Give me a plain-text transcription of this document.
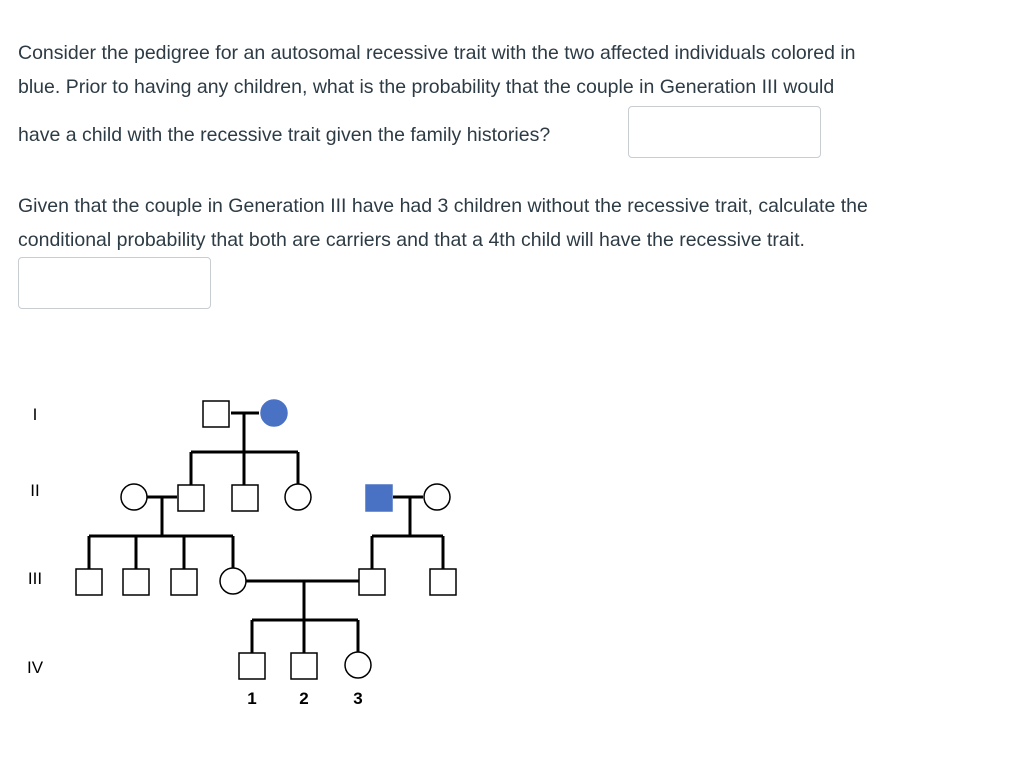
Consider the pedigree for an autosomal recessive trait with the two affected individuals colored in
blue. Prior to having any children, what is the probability that the couple in Generation III would
have a child with the recessive trait given the family histories?
Given that the couple in Generation III have had 3 children without the recessive trait, calculate the
conditional probability that both are carriers and that a 4th child will have the recessive trait.
I
II
III
IV
1	2	3
